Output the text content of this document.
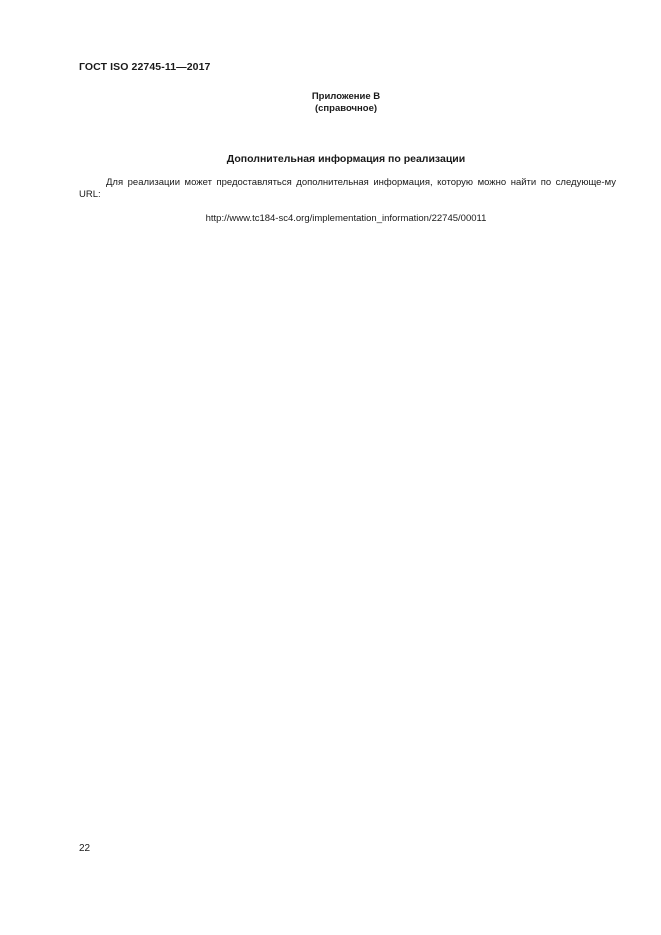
ГОСТ ISO 22745-11—2017
Приложение В
(справочное)
Дополнительная информация по реализации
Для реализации может предоставляться дополнительная информация, которую можно найти по следующе-му URL:
http://www.tc184-sc4.org/implementation_information/22745/00011
22
